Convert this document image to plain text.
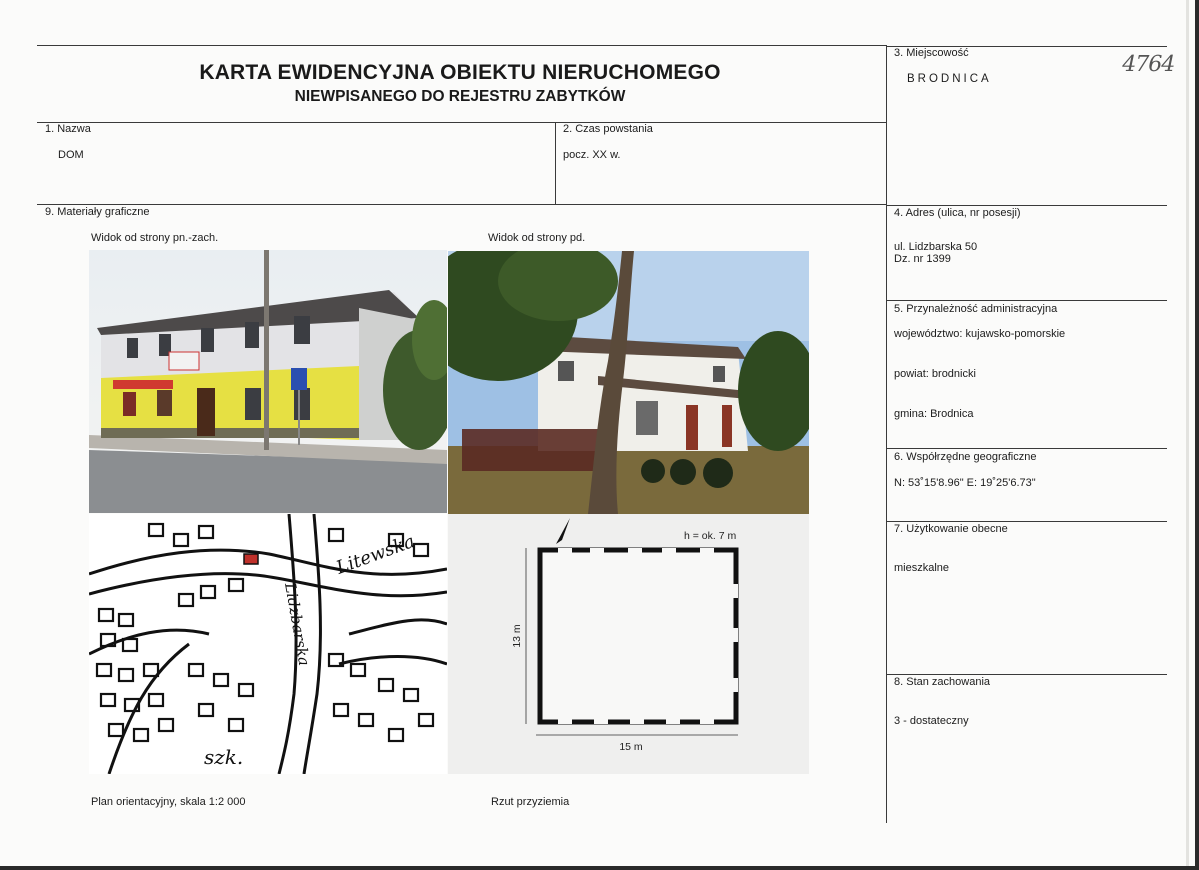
KARTA EWIDENCYJNA OBIEKTU NIERUCHOMEGO
NIEWPISANEGO DO REJESTRU ZABYTKÓW
4764
1. Nazwa
DOM
2. Czas powstania
pocz. XX w.
3. Miejscowość
BRODNICA
4. Adres (ulica, nr posesji)
ul. Lidzbarska 50
Dz. nr 1399
5. Przynależność administracyjna
województwo: kujawsko-pomorskie
powiat: brodnicki
gmina: Brodnica
6. Współrzędne geograficzne
N: 53˚15'8.96" E: 19˚25'6.73"
7. Użytkowanie obecne
mieszkalne
8. Stan zachowania
3 - dostateczny
9. Materiały graficzne
Widok od strony pn.-zach.	Widok od strony pd.
Plan orientacyjny, skala 1:2 000	Rzut przyziemia
Litewska
Lidzbarska
szk.
h = ok. 7 m
15 m
13 m
